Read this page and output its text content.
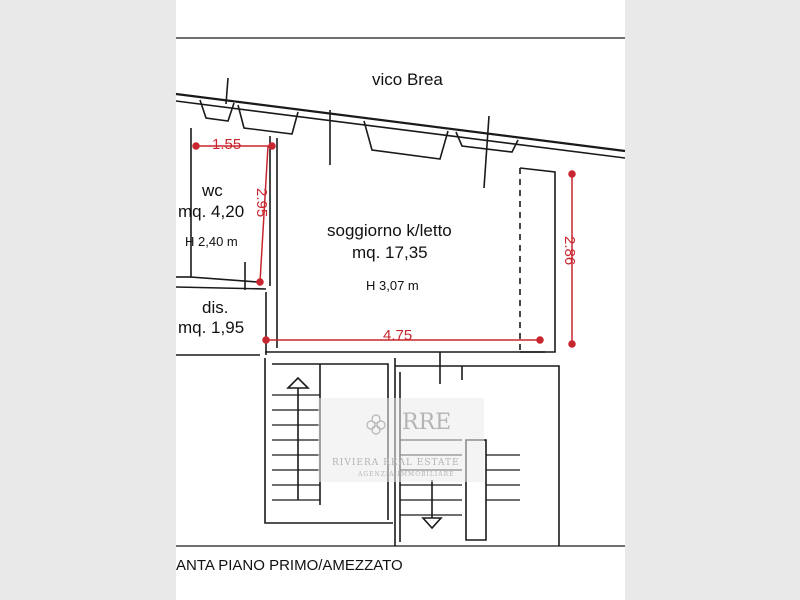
vico Brea
wc
mq. 4,20
H 2,40 m
soggiorno k/letto
mq. 17,35
H 3,07 m
dis.
mq. 1,95
1.55
2.95
2.86
4.75
ANTA PIANO PRIMO/AMEZZATO
RRE
RIVIERA REAL ESTATE
AGENZIA IMMOBILIARE
